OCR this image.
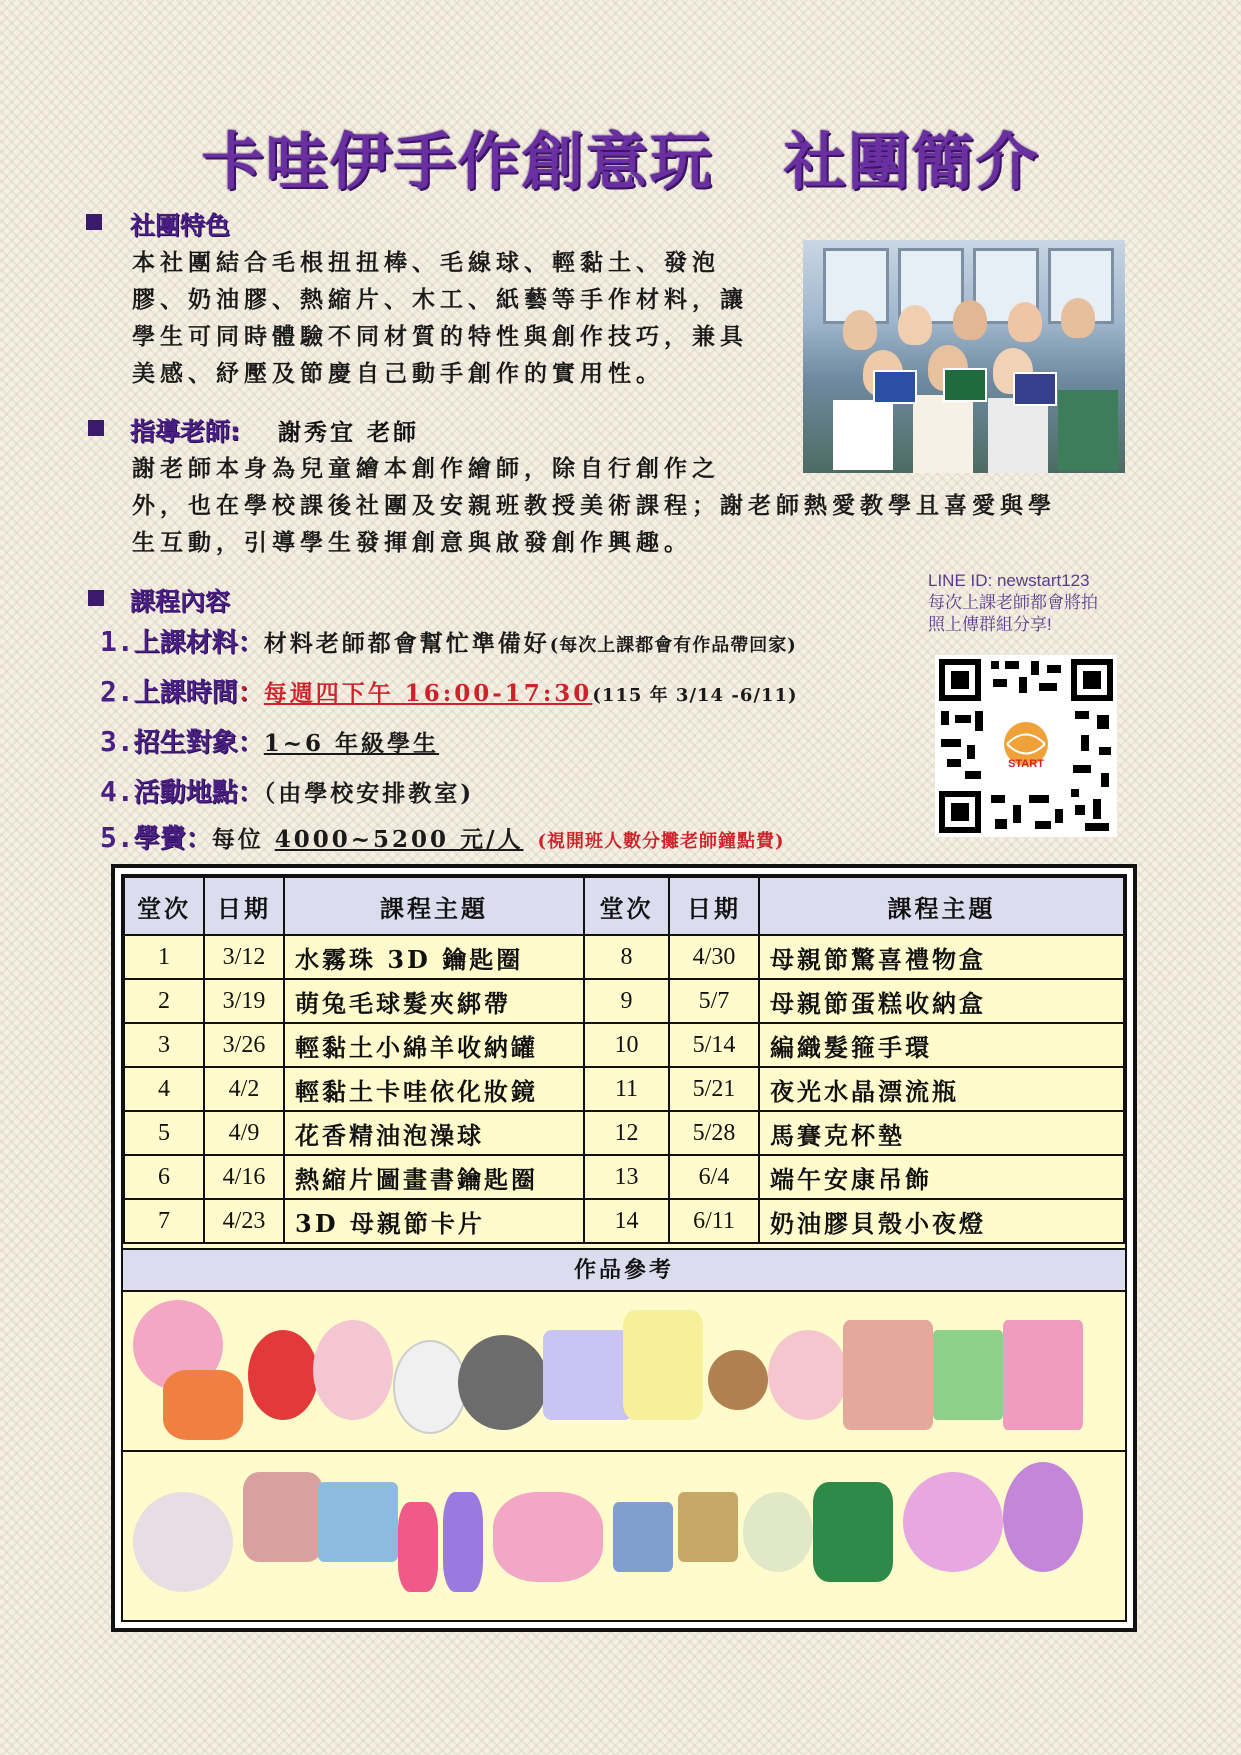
卡哇伊手作創意玩 社團簡介
社團特色
本社團結合毛根扭扭棒、毛線球、輕黏土、發泡
膠、奶油膠、熱縮片、木工、紙藝等手作材料，讓
學生可同時體驗不同材質的特性與創作技巧，兼具
美感、紓壓及節慶自己動手創作的實用性。
指導老師: 謝秀宜 老師
謝老師本身為兒童繪本創作繪師，除自行創作之
外，也在學校課後社團及安親班教授美術課程；謝老師熱愛教學且喜愛與學
生互動，引導學生發揮創意與啟發創作興趣。
課程內容
1.上課材料：材料老師都會幫忙準備好(每次上課都會有作品帶回家)
2.上課時間：每週四下午 16:00-17:30(115 年 3/14 -6/11)
3.招生對象：1~6 年級學生
4.活動地點：（由學校安排教室)
5.學費：每位 4000~5200 元/人 (視開班人數分攤老師鐘點費)
LINE ID: newstart123
每次上課老師都會將拍
照上傳群組分享!
START
堂次	日期	課程主題	堂次	日期	課程主題
1	3/12	水霧珠 3D 鑰匙圈	8	4/30	母親節驚喜禮物盒
2	3/19	萌兔毛球髮夾綁帶	9	5/7	母親節蛋糕收納盒
3	3/26	輕黏土小綿羊收納罐	10	5/14	編織髮箍手環
4	4/2	輕黏土卡哇依化妝鏡	11	5/21	夜光水晶漂流瓶
5	4/9	花香精油泡澡球	12	5/28	馬賽克杯墊
6	4/16	熱縮片圖畫書鑰匙圈	13	6/4	端午安康吊飾
7	4/23	3D 母親節卡片	14	6/11	奶油膠貝殼小夜燈
作品參考
